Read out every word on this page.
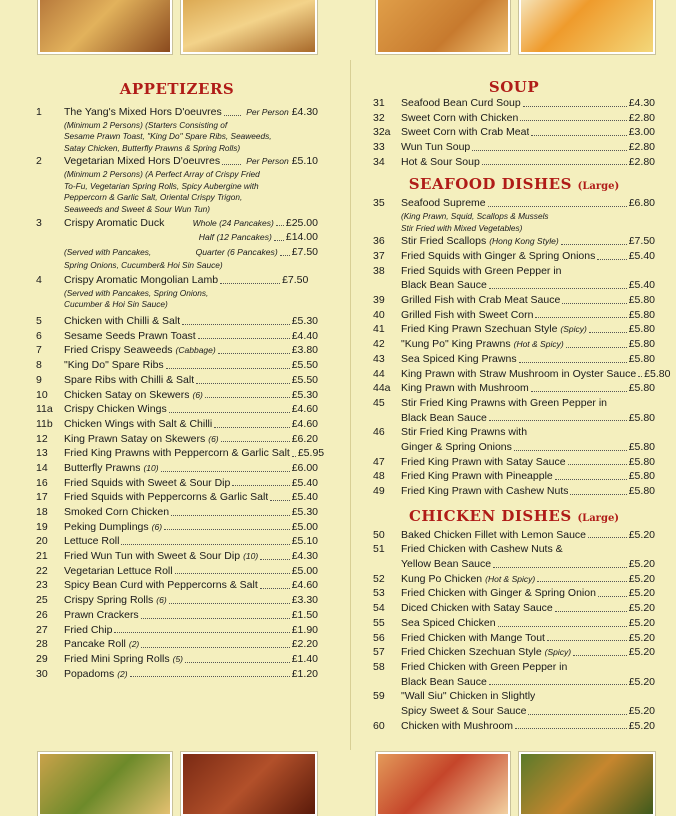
APPETIZERS
1	The Yang's Mixed Hors D'oeuvres	Per Person £4.30
(Minimum 2 Persons) (Starters Consisting of
Sesame Prawn Toast, "King Do" Spare Ribs, Seaweeds,
Satay Chicken, Butterfly Prawns & Spring Rolls)
2	Vegetarian Mixed Hors D'oeuvres	Per Person £5.10
(Minimum 2 Persons) (A Perfect Array of Crispy Fried
To-Fu, Vegetarian Spring Rolls, Spicy Aubergine with
Peppercorn & Garlic Salt, Oriental Crispy Trigon,
Seaweeds and Sweet & Sour Wun Tun)
3	Crispy Aromatic Duck	Whole (24 Pancakes) £25.00
Half (12 Pancakes) £14.00
(Served with Pancakes,	Quarter (6 Pancakes) £7.50
Spring Onions, Cucumber& Hoi Sin Sauce)
4	Crispy Aromatic Mongolian Lamb	£7.50
(Served with Pancakes, Spring Onions,
Cucumber & Hoi Sin Sauce)
5	Chicken with Chilli & Salt	£5.30
6	Sesame Seeds Prawn Toast	£4.40
7	Fried Crispy Seaweeds (Cabbage)	£3.80
8	"King Do" Spare Ribs	£5.50
9	Spare Ribs with Chilli & Salt	£5.50
10	Chicken Satay on Skewers (6)	£5.30
11a	Crispy Chicken Wings	£4.60
11b	Chicken Wings with Salt & Chilli	£4.60
12	King Prawn Satay on Skewers (6)	£6.20
13	Fried King Prawns with Peppercorn & Garlic Salt £5.95
14	Butterfly Prawns (10)	£6.00
16	Fried Squids with Sweet & Sour Dip	£5.40
17	Fried Squids with Peppercorns & Garlic Salt £5.40
18	Smoked Corn Chicken	£5.30
19	Peking Dumplings (6)	£5.00
20	Lettuce Roll	£5.10
21	Fried Wun Tun with Sweet & Sour Dip (10)	£4.30
22	Vegetarian Lettuce Roll	£5.00
23	Spicy Bean Curd with Peppercorns & Salt	£4.60
25	Crispy Spring Rolls (6)	£3.30
26	Prawn Crackers	£1.50
27	Fried Chip	£1.90
28	Pancake Roll (2)	£2.20
29	Fried Mini Spring Rolls (5)	£1.40
30	Popadoms (2)	£1.20
SOUP
31	Seafood Bean Curd Soup	£4.30
32	Sweet Corn with Chicken	£2.80
32a Sweet Corn with Crab Meat	£3.00
33	Wun Tun Soup	£2.80
34	Hot & Sour Soup	£2.80
SEAFOOD DISHES (Large)
35	Seafood Supreme	£6.80
(King Prawn, Squid, Scallops & Mussels
Stir Fried with Mixed Vegetables)
36	Stir Fried Scallops (Hong Kong Style)	£7.50
37	Fried Squids with Ginger & Spring Onions	£5.40
38	Fried Squids with Green Pepper in
Black Bean Sauce	£5.40
39	Grilled Fish with Crab Meat Sauce	£5.80
40	Grilled Fish with Sweet Corn	£5.80
41	Fried King Prawn Szechuan Style (Spicy)	£5.80
42	"Kung Po" King Prawns (Hot & Spicy)	£5.80
43	Sea Spiced King Prawns	£5.80
44	King Prawn with Straw Mushroom in Oyster Sauce £5.80
44a King Prawn with Mushroom	£5.80
45	Stir Fried King Prawns with Green Pepper in
Black Bean Sauce	£5.80
46	Stir Fried King Prawns with
Ginger & Spring Onions	£5.80
47	Fried King Prawn with Satay Sauce	£5.80
48	Fried King Prawn with Pineapple	£5.80
49	Fried King Prawn with Cashew Nuts	£5.80
CHICKEN DISHES (Large)
50	Baked Chicken Fillet with Lemon Sauce	£5.20
51	Fried Chicken with Cashew Nuts &
Yellow Bean Sauce	£5.20
52	Kung Po Chicken (Hot & Spicy)	£5.20
53	Fried Chicken with Ginger & Spring Onion	£5.20
54	Diced Chicken with Satay Sauce	£5.20
55	Sea Spiced Chicken	£5.20
56	Fried Chicken with Mange Tout	£5.20
57	Fried Chicken Szechuan Style (Spicy)	£5.20
58	Fried Chicken with Green Pepper in
Black Bean Sauce	£5.20
59	"Wall Siu" Chicken in Slightly
Spicy Sweet & Sour Sauce	£5.20
60	Chicken with Mushroom	£5.20
